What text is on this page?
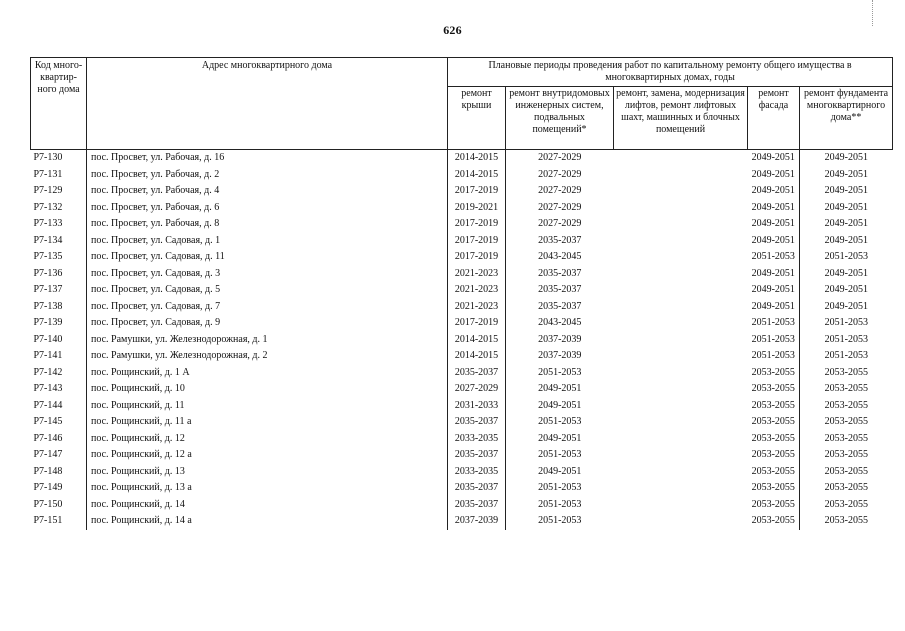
626
Код много-квартир-ного дома	Адрес многоквартирного дома	Плановые периоды проведения работ по капитальному ремонту общего имущества в многоквартирных домах, годы				
		ремонт крыши	ремонт внутридомовых инженерных систем, подвальных помещений*	ремонт, замена, модернизация лифтов, ремонт лифтовых шахт, машинных и блочных помещений	ремонт фасада	ремонт фундамента многоквартирного дома**
Р7-130	пос. Просвет, ул. Рабочая, д. 16	2014-2015	2027-2029		2049-2051	2049-2051
Р7-131	пос. Просвет, ул. Рабочая, д. 2	2014-2015	2027-2029		2049-2051	2049-2051
Р7-129	пос. Просвет, ул. Рабочая, д. 4	2017-2019	2027-2029		2049-2051	2049-2051
Р7-132	пос. Просвет, ул. Рабочая, д. 6	2019-2021	2027-2029		2049-2051	2049-2051
Р7-133	пос. Просвет, ул. Рабочая, д. 8	2017-2019	2027-2029		2049-2051	2049-2051
Р7-134	пос. Просвет, ул. Садовая, д. 1	2017-2019	2035-2037		2049-2051	2049-2051
Р7-135	пос. Просвет, ул. Садовая, д. 11	2017-2019	2043-2045		2051-2053	2051-2053
Р7-136	пос. Просвет, ул. Садовая, д. 3	2021-2023	2035-2037		2049-2051	2049-2051
Р7-137	пос. Просвет, ул. Садовая, д. 5	2021-2023	2035-2037		2049-2051	2049-2051
Р7-138	пос. Просвет, ул. Садовая, д. 7	2021-2023	2035-2037		2049-2051	2049-2051
Р7-139	пос. Просвет, ул. Садовая, д. 9	2017-2019	2043-2045		2051-2053	2051-2053
Р7-140	пос. Рамушки, ул. Железнодорожная, д. 1	2014-2015	2037-2039		2051-2053	2051-2053
Р7-141	пос. Рамушки, ул. Железнодорожная, д. 2	2014-2015	2037-2039		2051-2053	2051-2053
Р7-142	пос. Рощинский, д. 1 А	2035-2037	2051-2053		2053-2055	2053-2055
Р7-143	пос. Рощинский, д. 10	2027-2029	2049-2051		2053-2055	2053-2055
Р7-144	пос. Рощинский, д. 11	2031-2033	2049-2051		2053-2055	2053-2055
Р7-145	пос. Рощинский, д. 11 а	2035-2037	2051-2053		2053-2055	2053-2055
Р7-146	пос. Рощинский, д. 12	2033-2035	2049-2051		2053-2055	2053-2055
Р7-147	пос. Рощинский, д. 12 а	2035-2037	2051-2053		2053-2055	2053-2055
Р7-148	пос. Рощинский, д. 13	2033-2035	2049-2051		2053-2055	2053-2055
Р7-149	пос. Рощинский, д. 13 а	2035-2037	2051-2053		2053-2055	2053-2055
Р7-150	пос. Рощинский, д. 14	2035-2037	2051-2053		2053-2055	2053-2055
Р7-151	пос. Рощинский, д. 14 а	2037-2039	2051-2053		2053-2055	2053-2055
